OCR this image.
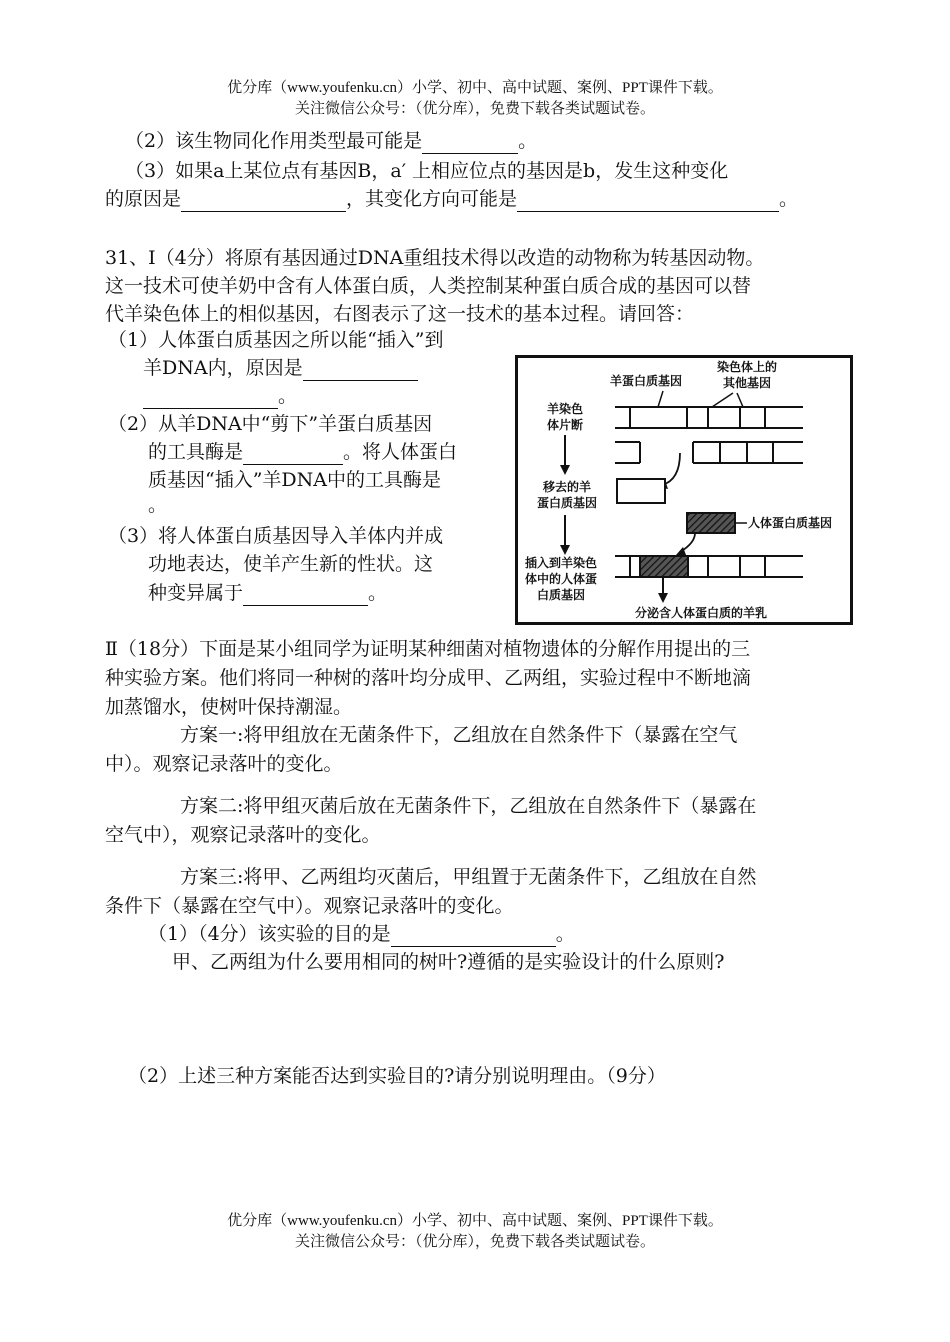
优分库（www.youfenku.cn）小学、初中、高中试题、案例、PPT课件下载。
关注微信公众号：（优分库），免费下载各类试题试卷。
（2）该生物同化作用类型最可能是	。
（3）如果a上某位点有基因B，a′ 上相应位点的基因是b，发生这种变化
的原因是	，其变化方向可能是	。
31、Ⅰ（4分）将原有基因通过DNA重组技术得以改造的动物称为转基因动物。
这一技术可使羊奶中含有人体蛋白质，人类控制某种蛋白质合成的基因可以替
代羊染色体上的相似基因，右图表示了这一技术的基本过程。请回答：
（1）人体蛋白质基因之所以能“插入”到
羊DNA内，原因是
。
（2）从羊DNA中“剪下”羊蛋白质基因
的工具酶是	。将人体蛋白
质基因“插入”羊DNA中的工具酶是
。
（3）将人体蛋白质基因导入羊体内并成
功地表达，使羊产生新的性状。这
种变异属于	。
羊蛋白质基因
染色体上的
其他基因
羊染色
体片断
移去的羊
蛋白质基因
人体蛋白质基因
插入到羊染色
体中的人体蛋
白质基因
分泌含人体蛋白质的羊乳
Ⅱ（18分）下面是某小组同学为证明某种细菌对植物遗体的分解作用提出的三
种实验方案。他们将同一种树的落叶均分成甲、乙两组，实验过程中不断地滴
加蒸馏水，使树叶保持潮湿。
方案一:将甲组放在无菌条件下，乙组放在自然条件下（暴露在空气
中）。观察记录落叶的变化。
方案二:将甲组灭菌后放在无菌条件下，乙组放在自然条件下（暴露在
空气中），观察记录落叶的变化。
方案三:将甲、乙两组均灭菌后，甲组置于无菌条件下，乙组放在自然
条件下（暴露在空气中）。观察记录落叶的变化。
（1）（4分）该实验的目的是	。
甲、乙两组为什么要用相同的树叶?遵循的是实验设计的什么原则?
（2）上述三种方案能否达到实验目的?请分别说明理由。（9分）
优分库（www.youfenku.cn）小学、初中、高中试题、案例、PPT课件下载。
关注微信公众号：（优分库），免费下载各类试题试卷。
